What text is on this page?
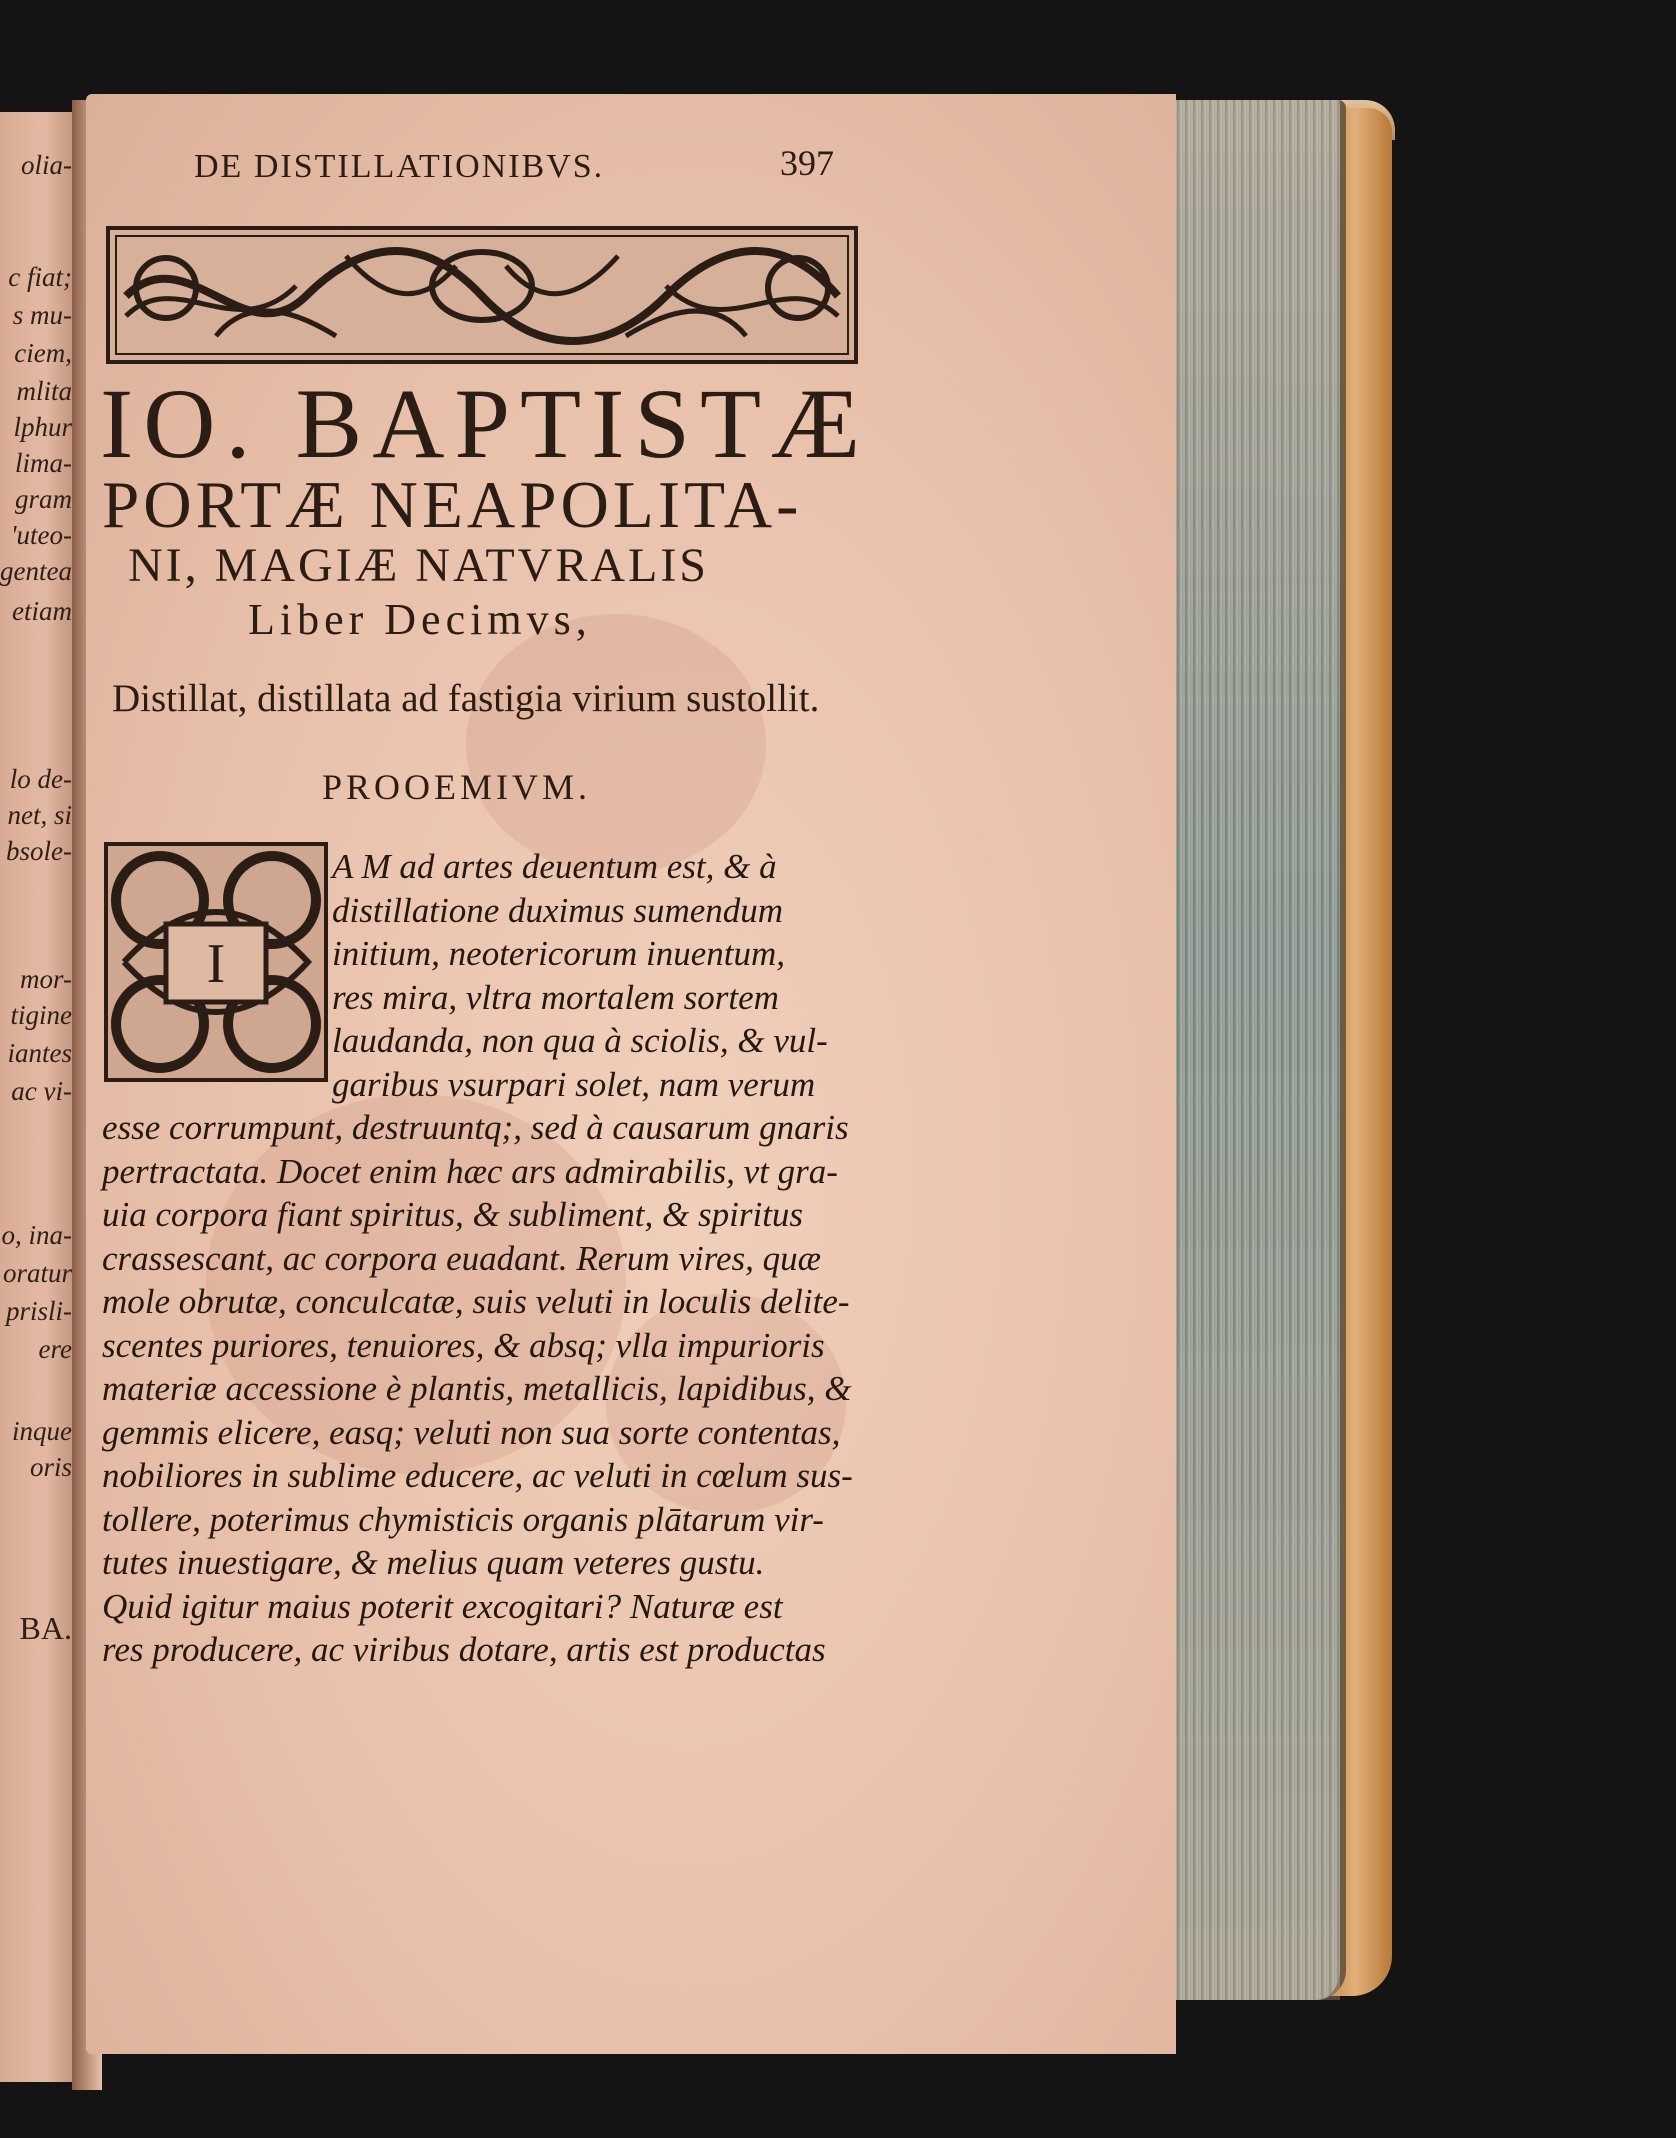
olia-
c fiat;
s mu-
ciem,
mlita
lphur
lima-
gram
'uteo-
gentea
etiam
lo de-
net, si
bsole-
mor-
tigine
iantes
ac vi-
o, ina-
oratur
prisli-
ere
inque
oris
BA.
DE DISTILLATIONIBVS.	397
IO. BAPTISTÆ
PORTÆ NEAPOLITA-
NI, MAGIÆ NATVRALIS
Liber Decimvs,
Distillat, distillata ad fastigia virium sustollit.
PROOEMIVM.
I
A M ad artes deuentum est, & à
distillatione duximus sumendum
initium, neotericorum inuentum,
res mira, vltra mortalem sortem
laudanda, non qua à sciolis, & vul-
garibus vsurpari solet, nam verum
esse corrumpunt, destruuntq;, sed à causarum gnaris
pertractata. Docet enim hæc ars admirabilis, vt gra-
uia corpora fiant spiritus, & subliment, & spiritus
crassescant, ac corpora euadant. Rerum vires, quæ
mole obrutæ, conculcatæ, suis veluti in loculis delite-
scentes puriores, tenuiores, & absq; vlla impurioris
materiæ accessione è plantis, metallicis, lapidibus, &
gemmis elicere, easq; veluti non sua sorte contentas,
nobiliores in sublime educere, ac veluti in cœlum sus-
tollere, poterimus chymisticis organis plātarum vir-
tutes inuestigare, & melius quam veteres gustu.
Quid igitur maius poterit excogitari? Naturæ est
res producere, ac viribus dotare, artis est productas
